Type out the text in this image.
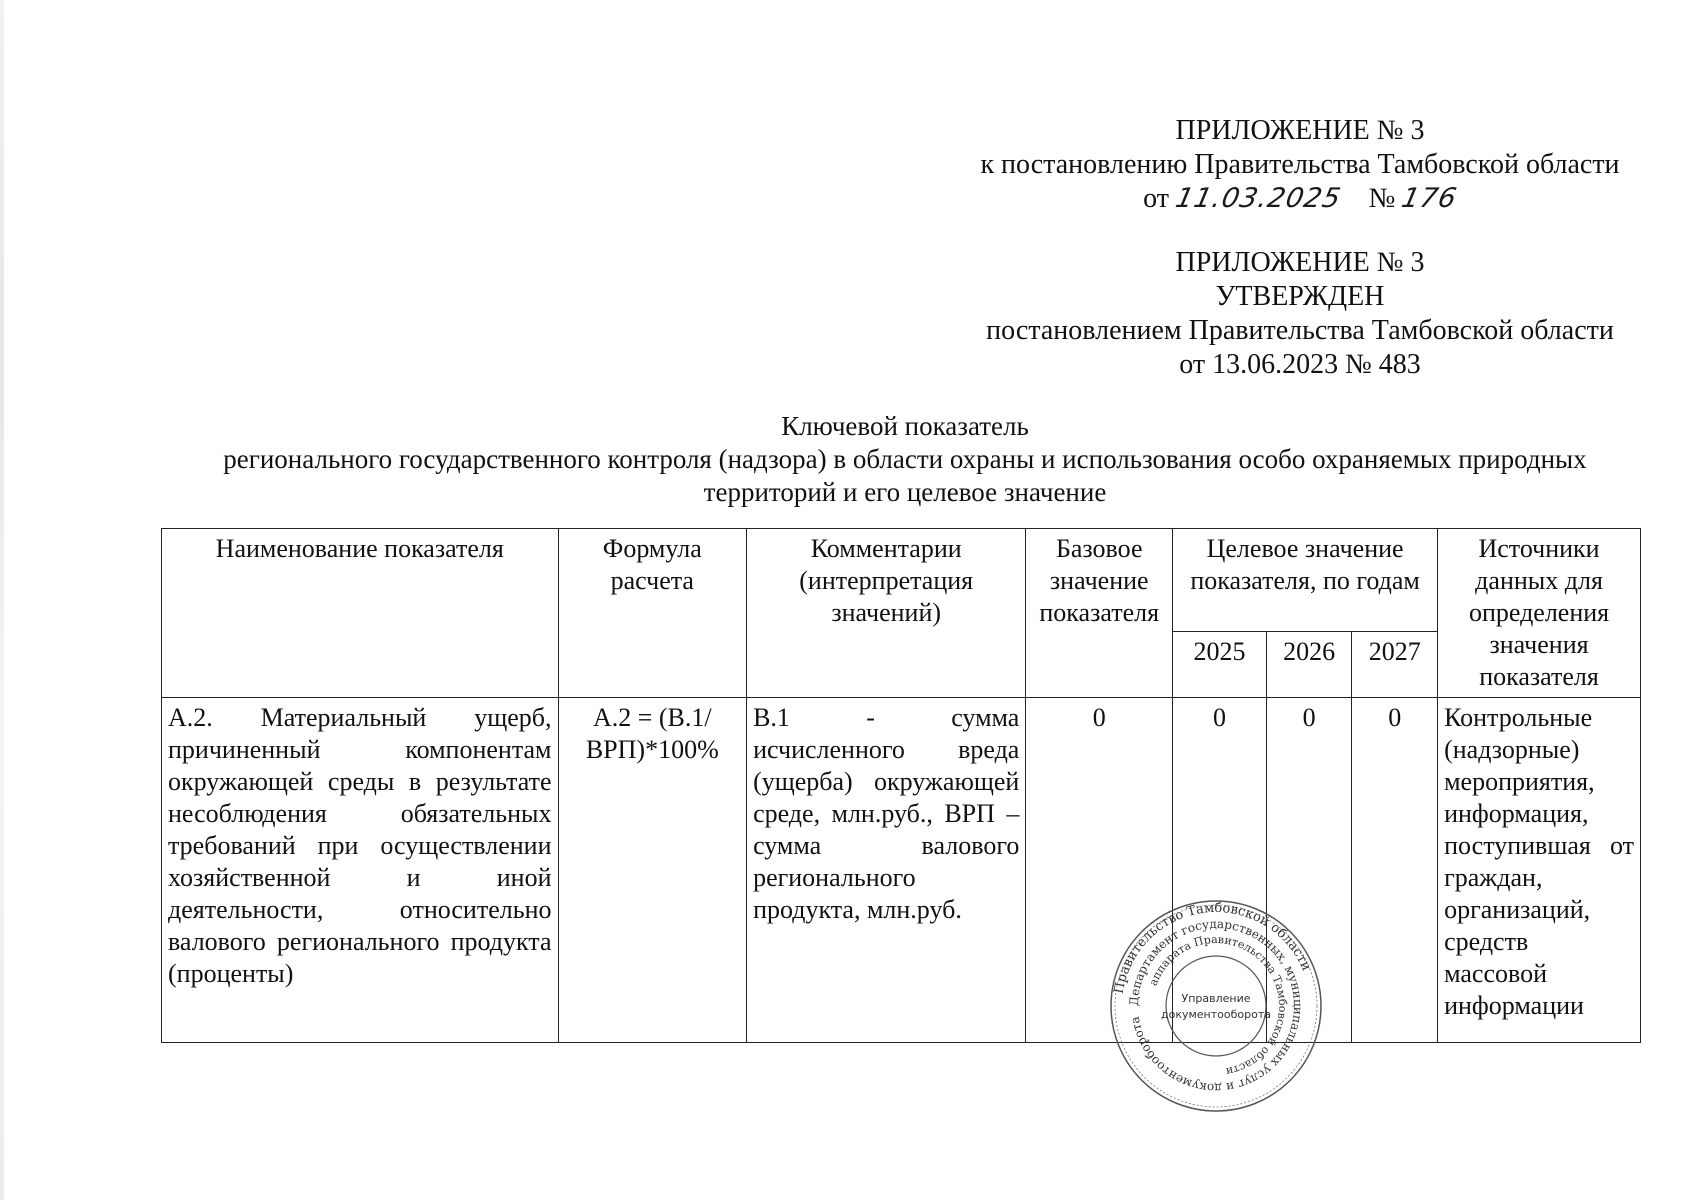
ПРИЛОЖЕНИЕ № 3
к постановлению Правительства Тамбовской области
от 11.03.2025 № 176
ПРИЛОЖЕНИЕ № 3
УТВЕРЖДЕН
постановлением Правительства Тамбовской области
от 13.06.2023 № 483
Ключевой показатель
регионального государственного контроля (надзора) в области охраны и использования особо охраняемых природных
территорий и его целевое значение
Наименование показателя	Формула расчета	Комментарии (интерпретация значений)	Базовое значение показателя	Целевое значение показателя, по годам			Источники данных для определения значения показателя
				2025	2026	2027	
А.2. Материальный ущерб, причиненный компонентам окружающей среды в результате несоблюдения обязательных требований при осуществлении хозяйственной и иной деятельности, относительно валового регионального продукта (проценты)	А.2 = (В.1/ ВРП)*100%	В.1 - сумма исчисленного вреда (ущерба) окружающей среде, млн.руб., ВРП – сумма валового регионального продукта, млн.руб.	0	0	0	0	Контрольные (надзорные) мероприятия, информация, поступившая от граждан, организаций, средств массовой информации
Правительство Тамбовской области
Департамент государственных, муниципальных услуг и документооборота
аппарата Правительства Тамбовской области
Управление
документооборота
